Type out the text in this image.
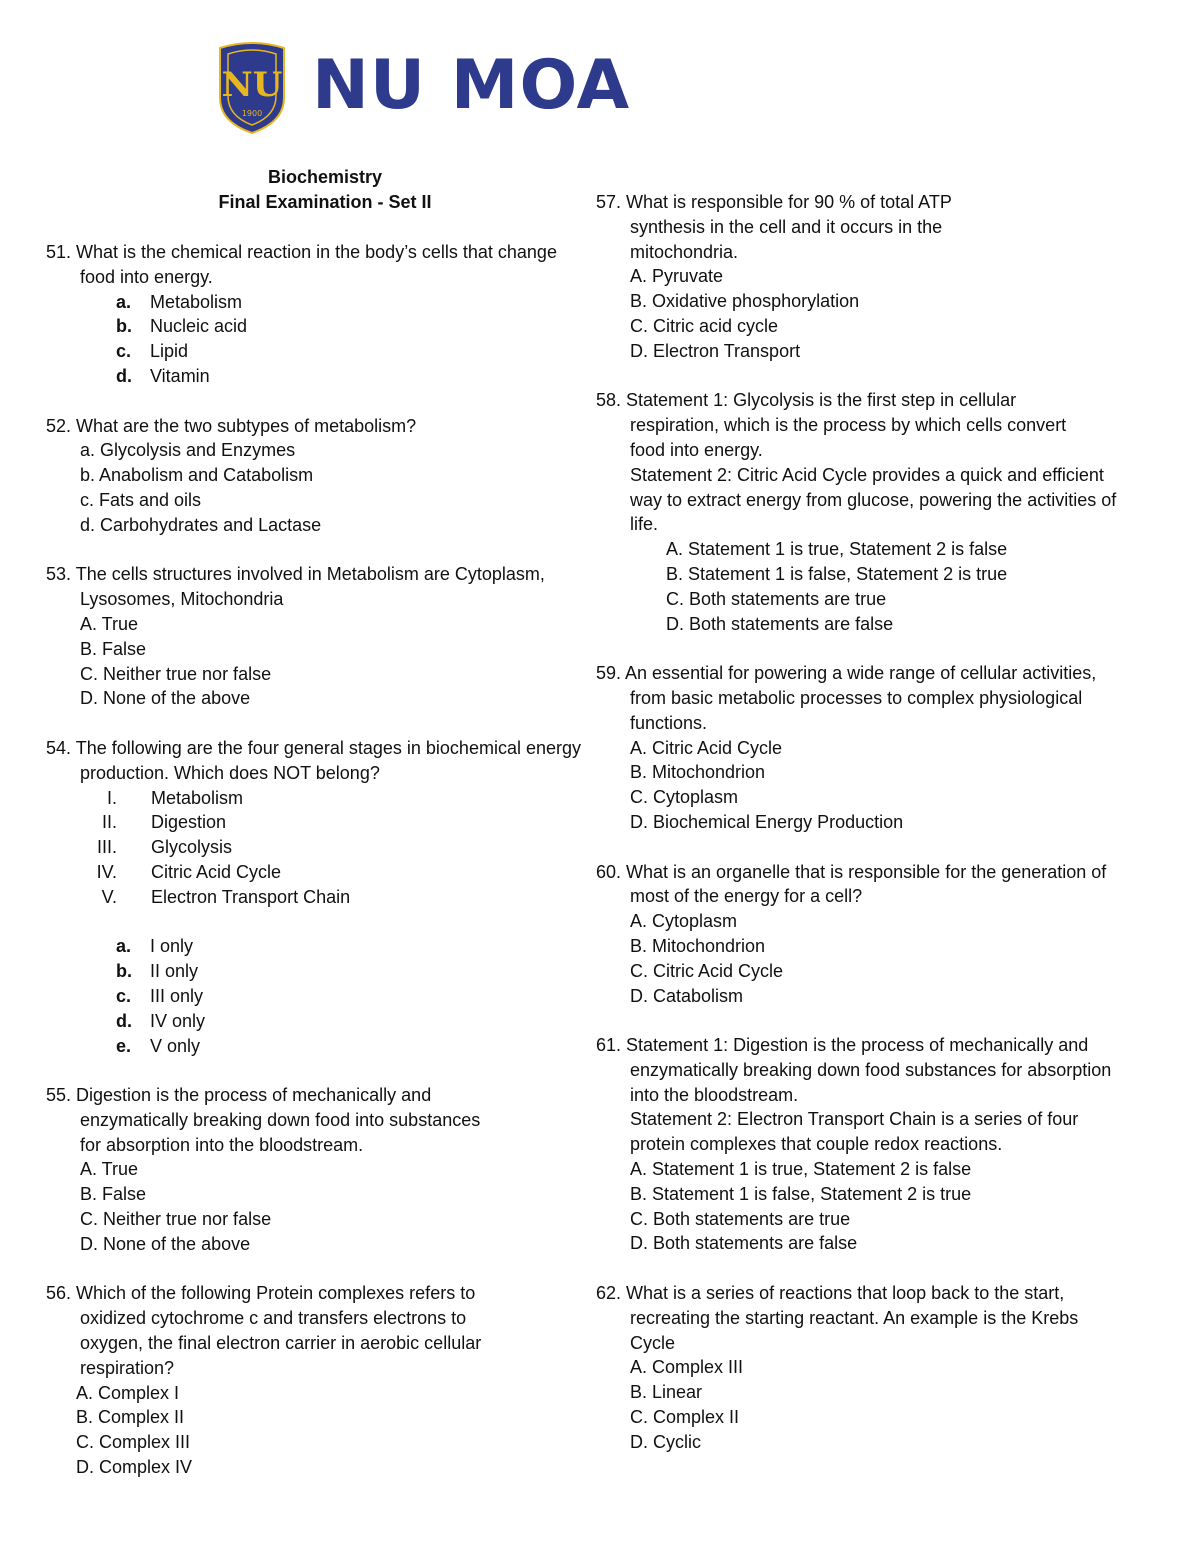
NU
1900 NU MOA
Biochemistry
Final Examination - Set II
51. What is the chemical reaction in the body’s cells that change food into energy.
a.	Metabolism
b.	Nucleic acid
c.	Lipid
d.	Vitamin
52. What are the two subtypes of metabolism?
a. Glycolysis and Enzymes
b. Anabolism and Catabolism
c. Fats and oils
d. Carbohydrates and Lactase
53. The cells structures involved in Metabolism are Cytoplasm, Lysosomes, Mitochondria
A. True
B. False
C. Neither true nor false
D. None of the above
54. The following are the four general stages in biochemical energy production. Which does NOT belong?
I.	Metabolism
II.	Digestion
III.	Glycolysis
IV.	Citric Acid Cycle
V.	Electron Transport Chain
a.	I only
b.	II only
c.	III only
d.	IV only
e.	V only
55. Digestion is the process of mechanically and
enzymatically breaking down food into substances
for absorption into the bloodstream.
A. True
B. False
C. Neither true nor false
D. None of the above
56. Which of the following Protein complexes refers to
oxidized cytochrome c and transfers electrons to
oxygen, the final electron carrier in aerobic cellular
respiration?
A. Complex I
B. Complex II
C. Complex III
D. Complex IV
57. What is responsible for 90 % of total ATP
synthesis in the cell and it occurs in the
mitochondria.
A. Pyruvate
B. Oxidative phosphorylation
C. Citric acid cycle
D. Electron Transport
58. Statement 1: Glycolysis is the first step in cellular
respiration, which is the process by which cells convert
food into energy.
Statement 2: Citric Acid Cycle provides a quick and efficient
way to extract energy from glucose, powering the activities of
life.
A. Statement 1 is true, Statement 2 is false
B. Statement 1 is false, Statement 2 is true
C. Both statements are true
D. Both statements are false
59. An essential for powering a wide range of cellular activities,
from basic metabolic processes to complex physiological
functions.
A. Citric Acid Cycle
B. Mitochondrion
C. Cytoplasm
D. Biochemical Energy Production
60. What is an organelle that is responsible for the generation of
most of the energy for a cell?
A. Cytoplasm
B. Mitochondrion
C. Citric Acid Cycle
D. Catabolism
61. Statement 1: Digestion is the process of mechanically and
enzymatically breaking down food substances for absorption
into the bloodstream.
Statement 2: Electron Transport Chain is a series of four
protein complexes that couple redox reactions.
A. Statement 1 is true, Statement 2 is false
B. Statement 1 is false, Statement 2 is true
C. Both statements are true
D. Both statements are false
62. What is a series of reactions that loop back to the start,
recreating the starting reactant. An example is the Krebs
Cycle
A. Complex III
B. Linear
C. Complex II
D. Cyclic
